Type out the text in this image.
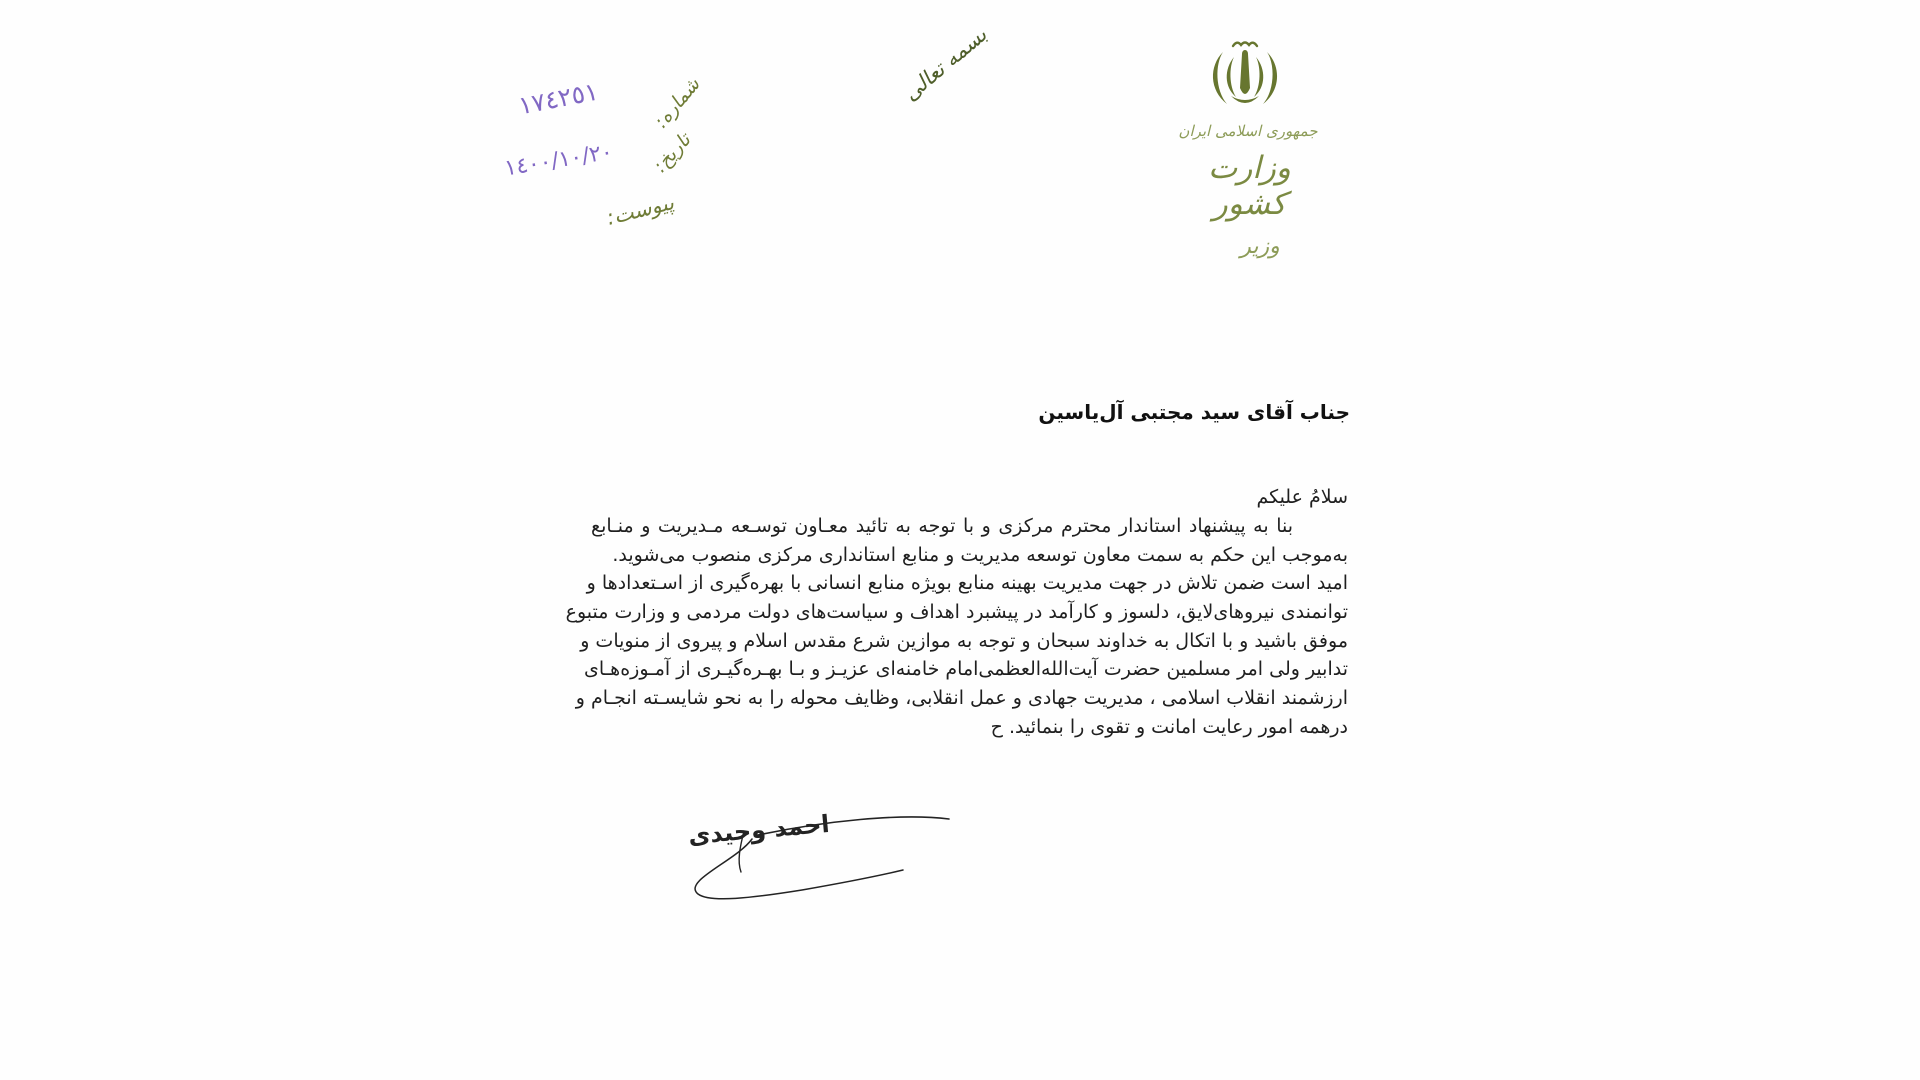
جمهوری اسلامی ایران
وزارت کشور
وزیر
بسمه تعالی
شماره:
١٧٤٢٥١
تاریخ:
١٤٠٠/١٠/٢٠
پیوست:
جناب آقای سید مجتبی آل‌یاسین
سلامُ علیکم
بنا به پیشنهاد استاندار محترم مرکزی و با توجه به تائید معـاون توسـعه مـدیریت و منـابع
به‌موجب این حکم به سمت معاون توسعه مدیریت و منابع استانداری مرکزی منصوب می‌شوید.
امید است ضمن تلاش در جهت مدیریت بهینه منابع بویژه منابع انسانی با بهره‌گیری از اسـتعدادها و
توانمندی نیروهای‌لایق، دلسوز و کارآمد در پیشبرد اهداف و سیاست‌های دولت مردمی و وزارت متبوع
موفق باشید و با اتکال به خداوند سبحان و توجه به موازین شرع مقدس اسلام و پیروی از منویات و
تدابیر ولی امر مسلمین حضرت آیت‌الله‌العظمی‌امام خامنه‌ای عزیـز و بـا بهـره‌گیـری از آمـوزه‌هـای
ارزشمند انقلاب اسلامی ، مدیریت جهادی و عمل انقلابی، وظایف محوله را به نحو شایسـته انجـام و
درهمه امور رعایت امانت و تقوی را بنمائید. ح
احمد وحیدی
